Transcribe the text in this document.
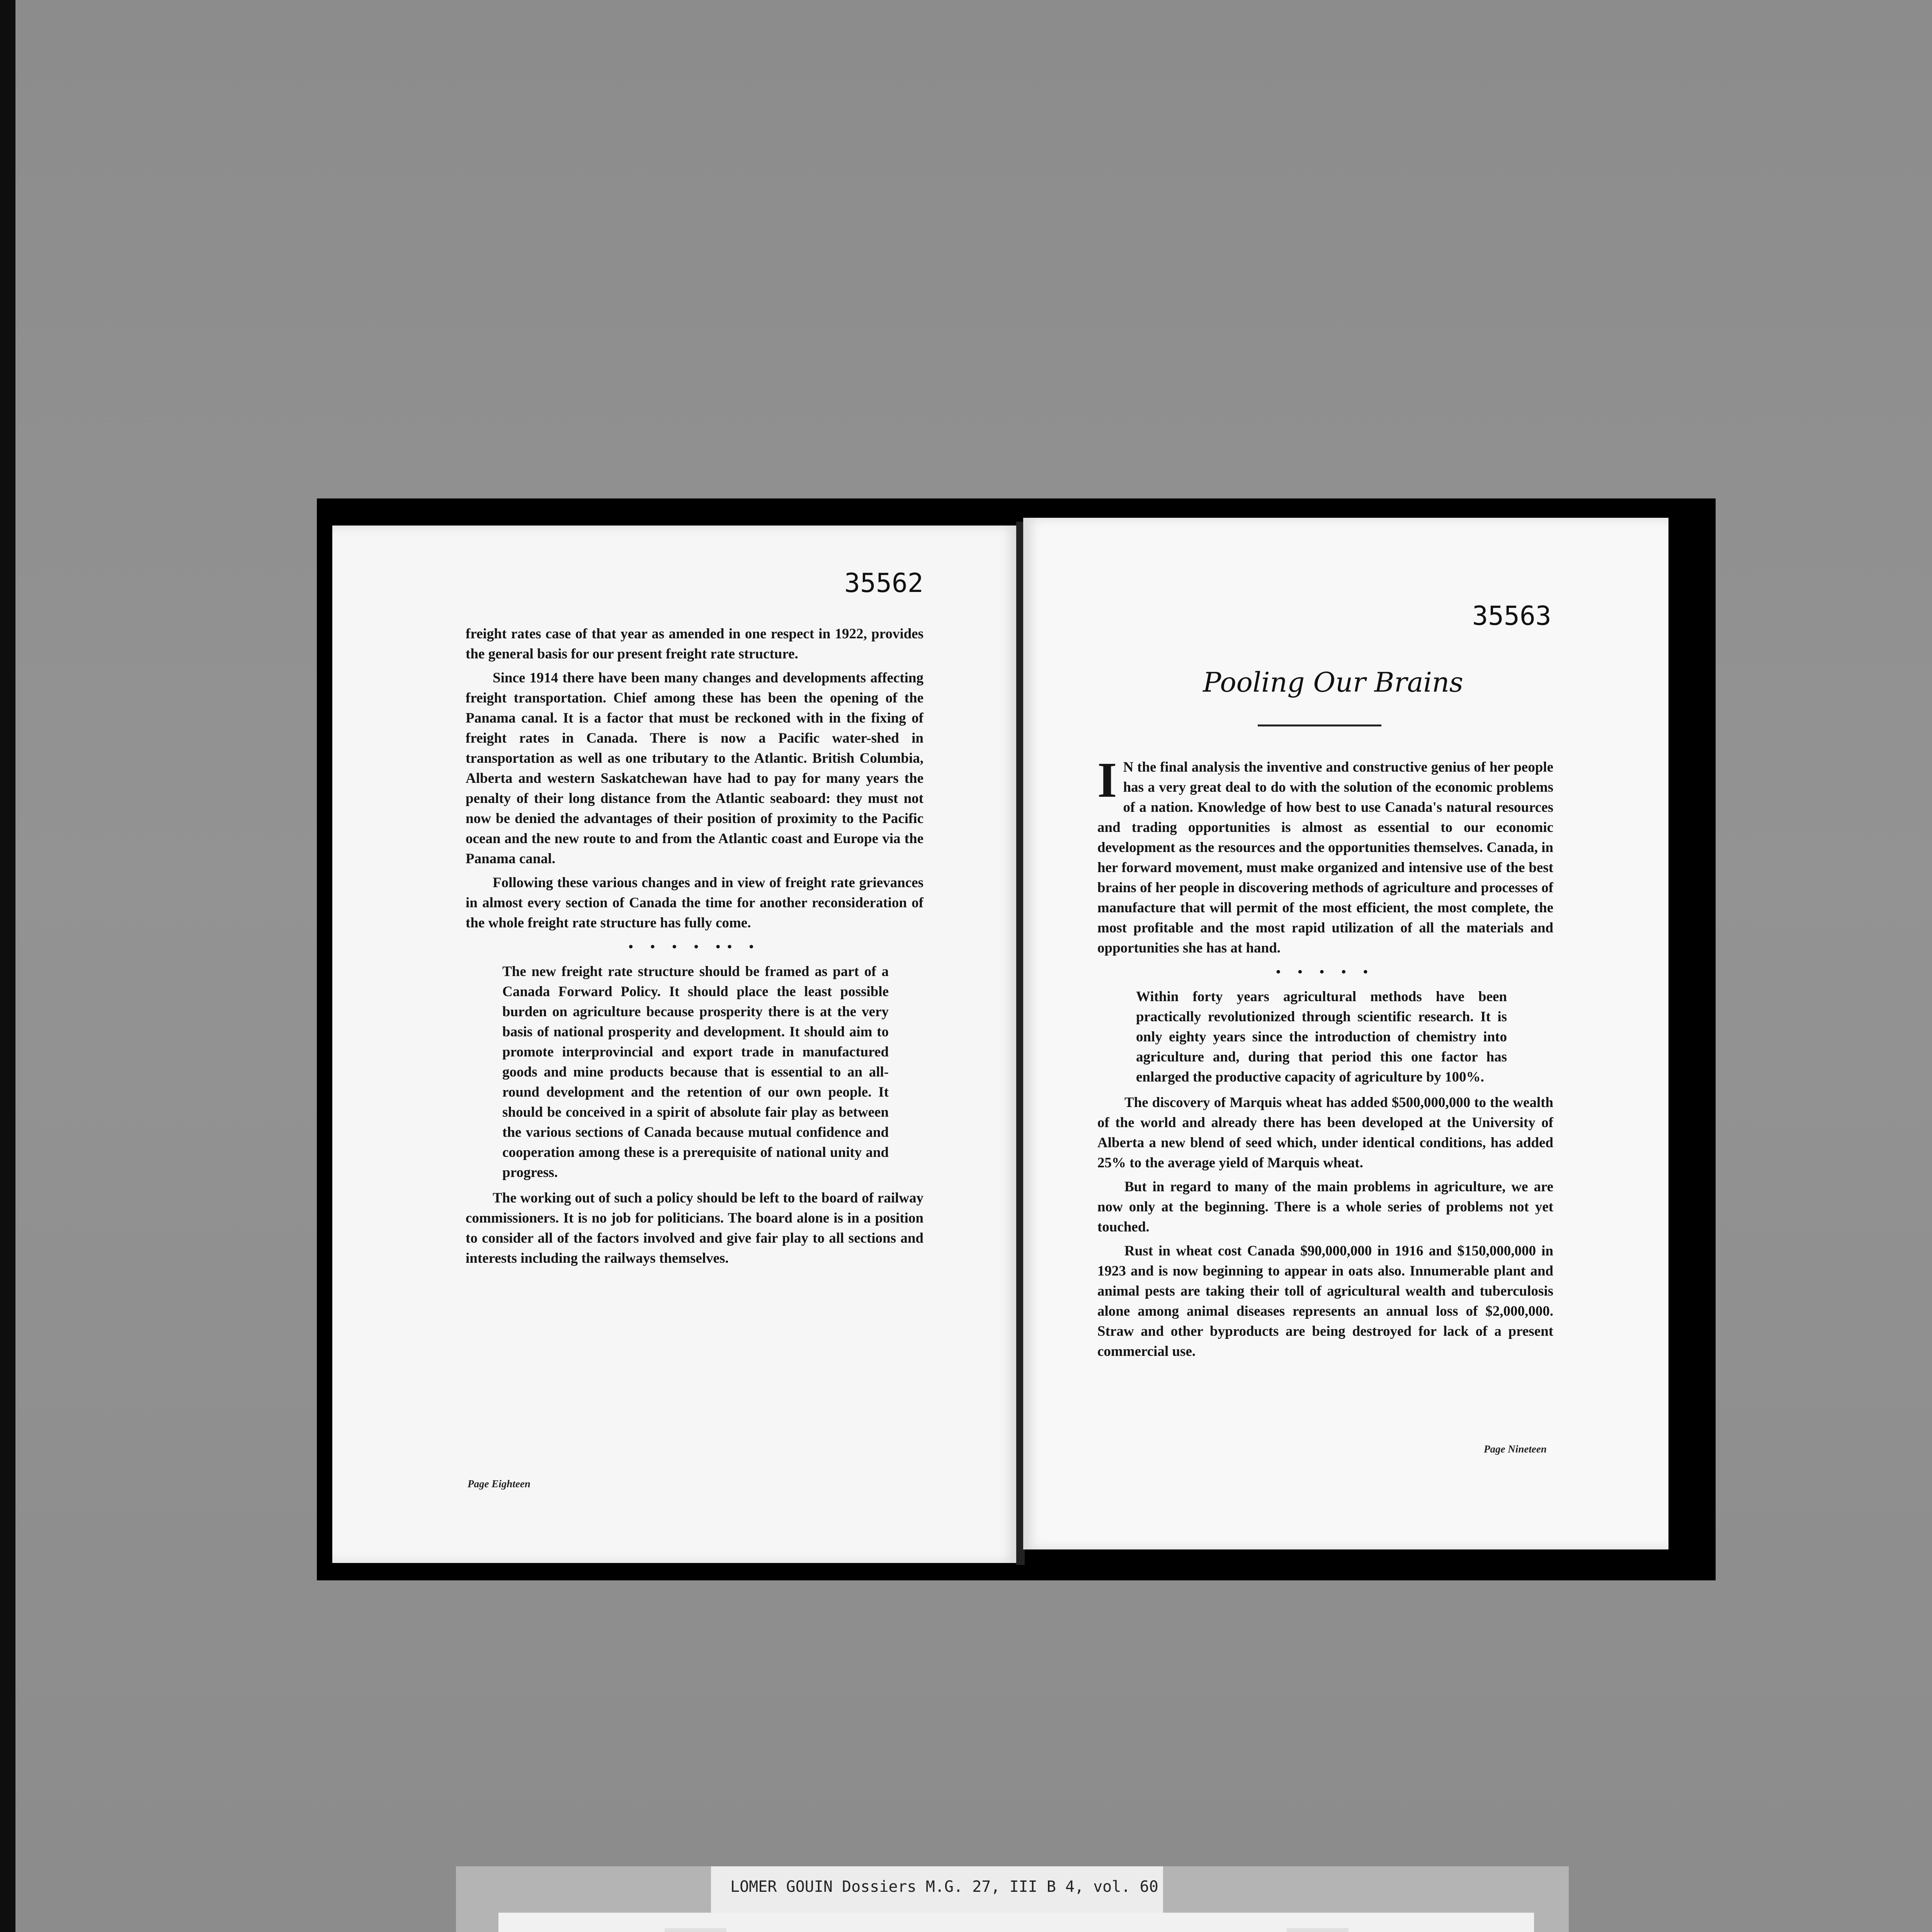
35562

freight rates case of that year as amended in one respect in 1922, provides the general basis for our present freight rate structure.

Since 1914 there have been many changes and developments affecting freight transportation. Chief among these has been the opening of the Panama canal. It is a factor that must be reckoned with in the fixing of freight rates in Canada. There is now a Pacific water-shed in transportation as well as one tributary to the Atlantic. British Columbia, Alberta and western Saskatchewan have had to pay for many years the penalty of their long distance from the Atlantic seaboard: they must not now be denied the advantages of their position of proximity to the Pacific ocean and the new route to and from the Atlantic coast and Europe via the Panama canal.

Following these various changes and in view of freight rate grievances in almost every section of Canada the time for another reconsideration of the whole freight rate structure has fully come.

• • • • •• •
The new freight rate structure should be framed as part of a Canada Forward Policy. It should place the least possible burden on agriculture because prosperity there is at the very basis of national prosperity and development. It should aim to promote interprovincial and export trade in manufactured goods and mine products because that is essential to an all-round development and the retention of our own people. It should be conceived in a spirit of absolute fair play as between the various sections of Canada because mutual confidence and cooperation among these is a prerequisite of national unity and progress.

The working out of such a policy should be left to the board of railway commissioners. It is no job for politicians. The board alone is in a position to consider all of the factors involved and give fair play to all sections and interests including the railways themselves.

Page Eighteen
35563
Pooling Our Brains

I N the final analysis the inventive and constructive genius of her people has a very great deal to do with the solution of the economic problems of a nation. Knowledge of how best to use Canada's natural resources and trading opportunities is almost as essential to our economic development as the resources and the opportunities themselves. Canada, in her forward movement, must make organized and intensive use of the best brains of her people in discovering methods of agriculture and processes of manufacture that will permit of the most efficient, the most complete, the most profitable and the most rapid utilization of all the materials and opportunities she has at hand.

• • • • •
Within forty years agricultural methods have been practically revolutionized through scientific research. It is only eighty years since the introduction of chemistry into agriculture and, during that period this one factor has enlarged the productive capacity of agriculture by 100%.

The discovery of Marquis wheat has added $500,000,000 to the wealth of the world and already there has been developed at the University of Alberta a new blend of seed which, under identical conditions, has added 25% to the average yield of Marquis wheat.

But in regard to many of the main problems in agriculture, we are now only at the beginning. There is a whole series of problems not yet touched.

Rust in wheat cost Canada $90,000,000 in 1916 and $150,000,000 in 1923 and is now beginning to appear in oats also. Innumerable plant and animal pests are taking their toll of agricultural wealth and tuberculosis alone among animal diseases represents an annual loss of $2,000,000. Straw and other byproducts are being destroyed for lack of a present commercial use.

Page Nineteen
LOMER GOUIN Dossiers M.G. 27, III B 4, vol. 60
